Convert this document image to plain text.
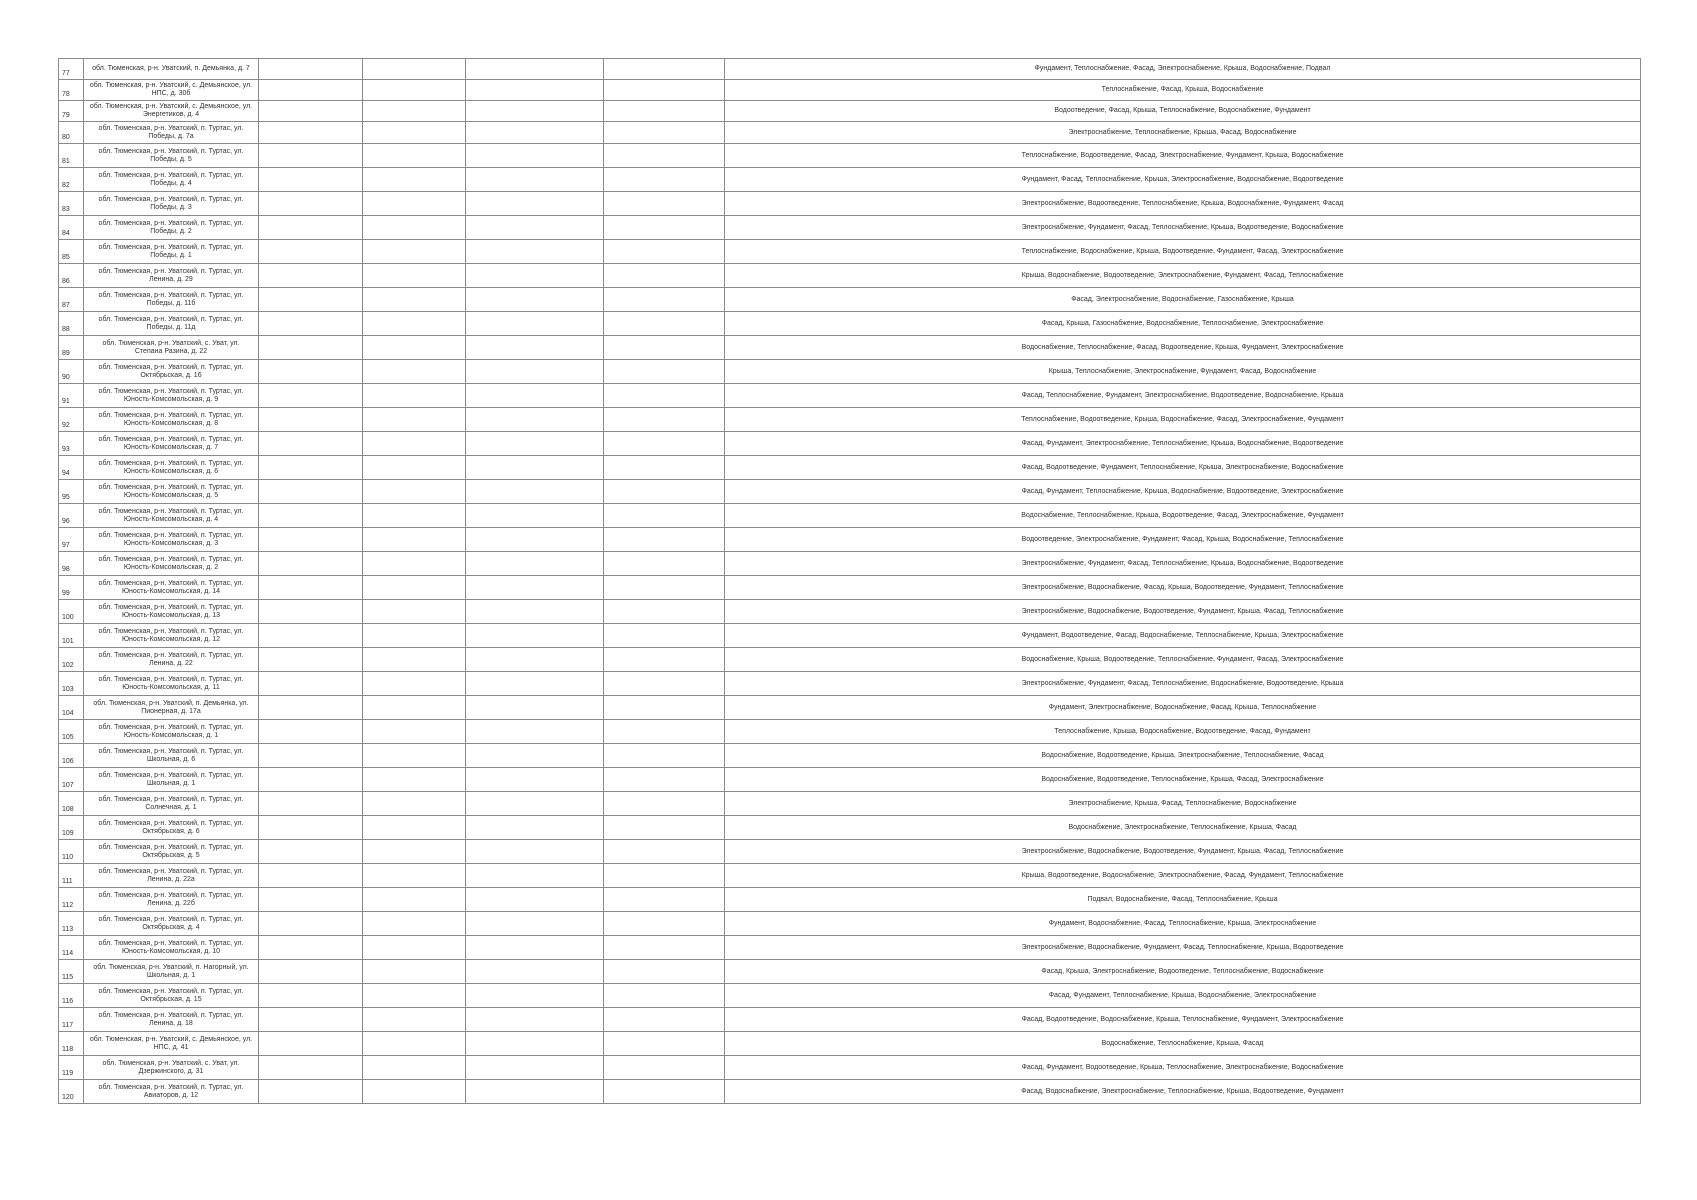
77	обл. Тюменская, р-н. Уватский, п. Демьянка, д. 7					Фундамент, Теплоснабжение, Фасад, Электроснабжение, Крыша, Водоснабжение, Подвал
78	обл. Тюменская, р-н. Уватский, с. Демьянское, ул. НПС, д. 30б					Теплоснабжение, Фасад, Крыша, Водоснабжение
79	обл. Тюменская, р-н. Уватский, с. Демьянское, ул. Энергетиков, д. 4					Водоотведение, Фасад, Крыша, Теплоснабжение, Водоснабжение, Фундамент
80	обл. Тюменская, р-н. Уватский, п. Туртас, ул. Победы, д. 7а					Электроснабжение, Теплоснабжение, Крыша, Фасад, Водоснабжение
81	обл. Тюменская, р-н. Уватский, п. Туртас, ул. Победы, д. 5					Теплоснабжение, Водоотведение, Фасад, Электроснабжение, Фундамент, Крыша, Водоснабжение
82	обл. Тюменская, р-н. Уватский, п. Туртас, ул. Победы, д. 4					Фундамент, Фасад, Теплоснабжение, Крыша, Электроснабжение, Водоснабжение, Водоотведение
83	обл. Тюменская, р-н. Уватский, п. Туртас, ул. Победы, д. 3					Электроснабжение, Водоотведение, Теплоснабжение, Крыша, Водоснабжение, Фундамент, Фасад
84	обл. Тюменская, р-н. Уватский, п. Туртас, ул. Победы, д. 2					Электроснабжение, Фундамент, Фасад, Теплоснабжение, Крыша, Водоотведение, Водоснабжение
85	обл. Тюменская, р-н. Уватский, п. Туртас, ул. Победы, д. 1					Теплоснабжение, Водоснабжение, Крыша, Водоотведение, Фундамент, Фасад, Электроснабжение
86	обл. Тюменская, р-н. Уватский, п. Туртас, ул. Ленина, д. 29					Крыша, Водоснабжение, Водоотведение, Электроснабжение, Фундамент, Фасад, Теплоснабжение
87	обл. Тюменская, р-н. Уватский, п. Туртас, ул. Победы, д. 11б					Фасад, Электроснабжение, Водоснабжение, Газоснабжение, Крыша
88	обл. Тюменская, р-н. Уватский, п. Туртас, ул. Победы, д. 11д					Фасад, Крыша, Газоснабжение, Водоснабжение, Теплоснабжение, Электроснабжение
89	обл. Тюменская, р-н. Уватский, с. Уват, ул. Степана Разина, д. 22					Водоснабжение, Теплоснабжение, Фасад, Водоотведение, Крыша, Фундамент, Электроснабжение
90	обл. Тюменская, р-н. Уватский, п. Туртас, ул. Октябрьская, д. 16					Крыша, Теплоснабжение, Электроснабжение, Фундамент, Фасад, Водоснабжение
91	обл. Тюменская, р-н. Уватский, п. Туртас, ул. Юность-Комсомольская, д. 9					Фасад, Теплоснабжение, Фундамент, Электроснабжение, Водоотведение, Водоснабжение, Крыша
92	обл. Тюменская, р-н. Уватский, п. Туртас, ул. Юность-Комсомольская, д. 8					Теплоснабжение, Водоотведение, Крыша, Водоснабжение, Фасад, Электроснабжение, Фундамент
93	обл. Тюменская, р-н. Уватский, п. Туртас, ул. Юность-Комсомольская, д. 7					Фасад, Фундамент, Электроснабжение, Теплоснабжение, Крыша, Водоснабжение, Водоотведение
94	обл. Тюменская, р-н. Уватский, п. Туртас, ул. Юность-Комсомольская, д. 6					Фасад, Водоотведение, Фундамент, Теплоснабжение, Крыша, Электроснабжение, Водоснабжение
95	обл. Тюменская, р-н. Уватский, п. Туртас, ул. Юность-Комсомольская, д. 5					Фасад, Фундамент, Теплоснабжение, Крыша, Водоснабжение, Водоотведение, Электроснабжение
96	обл. Тюменская, р-н. Уватский, п. Туртас, ул. Юность-Комсомольская, д. 4					Водоснабжение, Теплоснабжение, Крыша, Водоотведение, Фасад, Электроснабжение, Фундамент
97	обл. Тюменская, р-н. Уватский, п. Туртас, ул. Юность-Комсомольская, д. 3					Водоотведение, Электроснабжение, Фундамент, Фасад, Крыша, Водоснабжение, Теплоснабжение
98	обл. Тюменская, р-н. Уватский, п. Туртас, ул. Юность-Комсомольская, д. 2					Электроснабжение, Фундамент, Фасад, Теплоснабжение, Крыша, Водоснабжение, Водоотведение
99	обл. Тюменская, р-н. Уватский, п. Туртас, ул. Юность-Комсомольская, д. 14					Электроснабжение, Водоснабжение, Фасад, Крыша, Водоотведение, Фундамент, Теплоснабжение
100	обл. Тюменская, р-н. Уватский, п. Туртас, ул. Юность-Комсомольская, д. 13					Электроснабжение, Водоснабжение, Водоотведение, Фундамент, Крыша, Фасад, Теплоснабжение
101	обл. Тюменская, р-н. Уватский, п. Туртас, ул. Юность-Комсомольская, д. 12					Фундамент, Водоотведение, Фасад, Водоснабжение, Теплоснабжение, Крыша, Электроснабжение
102	обл. Тюменская, р-н. Уватский, п. Туртас, ул. Ленина, д. 22					Водоснабжение, Крыша, Водоотведение, Теплоснабжение, Фундамент, Фасад, Электроснабжение
103	обл. Тюменская, р-н. Уватский, п. Туртас, ул. Юность-Комсомольская, д. 11					Электроснабжение, Фундамент, Фасад, Теплоснабжение, Водоснабжение, Водоотведение, Крыша
104	обл. Тюменская, р-н. Уватский, п. Демьянка, ул. Пионерная, д. 17а					Фундамент, Электроснабжение, Водоснабжение, Фасад, Крыша, Теплоснабжение
105	обл. Тюменская, р-н. Уватский, п. Туртас, ул. Юность-Комсомольская, д. 1					Теплоснабжение, Крыша, Водоснабжение, Водоотведение, Фасад, Фундамент
106	обл. Тюменская, р-н. Уватский, п. Туртас, ул. Школьная, д. 6					Водоснабжение, Водоотведение, Крыша, Электроснабжение, Теплоснабжение, Фасад
107	обл. Тюменская, р-н. Уватский, п. Туртас, ул. Школьная, д. 1					Водоснабжение, Водоотведение, Теплоснабжение, Крыша, Фасад, Электроснабжение
108	обл. Тюменская, р-н. Уватский, п. Туртас, ул. Солнечная, д. 1					Электроснабжение, Крыша, Фасад, Теплоснабжение, Водоснабжение
109	обл. Тюменская, р-н. Уватский, п. Туртас, ул. Октябрьская, д. 6					Водоснабжение, Электроснабжение, Теплоснабжение, Крыша, Фасад
110	обл. Тюменская, р-н. Уватский, п. Туртас, ул. Октябрьская, д. 5					Электроснабжение, Водоснабжение, Водоотведение, Фундамент, Крыша, Фасад, Теплоснабжение
111	обл. Тюменская, р-н. Уватский, п. Туртас, ул. Ленина, д. 22а					Крыша, Водоотведение, Водоснабжение, Электроснабжение, Фасад, Фундамент, Теплоснабжение
112	обл. Тюменская, р-н. Уватский, п. Туртас, ул. Ленина, д. 22б					Подвал, Водоснабжение, Фасад, Теплоснабжение, Крыша
113	обл. Тюменская, р-н. Уватский, п. Туртас, ул. Октябрьская, д. 4					Фундамент, Водоснабжение, Фасад, Теплоснабжение, Крыша, Электроснабжение
114	обл. Тюменская, р-н. Уватский, п. Туртас, ул. Юность-Комсомольская, д. 10					Электроснабжение, Водоснабжение, Фундамент, Фасад, Теплоснабжение, Крыша, Водоотведение
115	обл. Тюменская, р-н. Уватский, п. Нагорный, ул. Школьная, д. 1					Фасад, Крыша, Электроснабжение, Водоотведение, Теплоснабжение, Водоснабжение
116	обл. Тюменская, р-н. Уватский, п. Туртас, ул. Октябрьская, д. 15					Фасад, Фундамент, Теплоснабжение, Крыша, Водоснабжение, Электроснабжение
117	обл. Тюменская, р-н. Уватский, п. Туртас, ул. Ленина, д. 18					Фасад, Водоотведение, Водоснабжение, Крыша, Теплоснабжение, Фундамент, Электроснабжение
118	обл. Тюменская, р-н. Уватский, с. Демьянское, ул. НПС, д. 41					Водоснабжение, Теплоснабжение, Крыша, Фасад
119	обл. Тюменская, р-н. Уватский, с. Уват, ул. Дзержинского, д. 31					Фасад, Фундамент, Водоотведение, Крыша, Теплоснабжение, Электроснабжение, Водоснабжение
120	обл. Тюменская, р-н. Уватский, п. Туртас, ул. Авиаторов, д. 12					Фасад, Водоснабжение, Электроснабжение, Теплоснабжение, Крыша, Водоотведение, Фундамент
